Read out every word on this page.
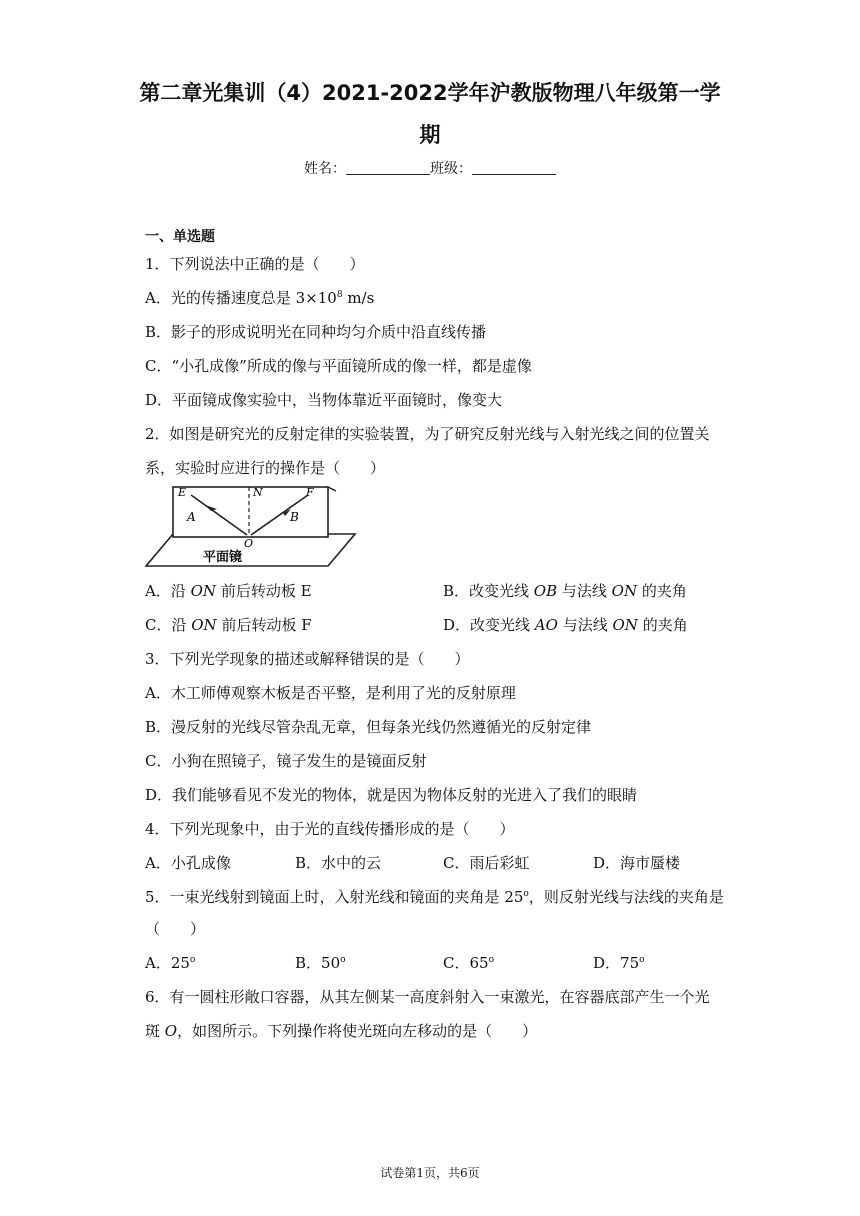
第二章光集训（4）2021-2022学年沪教版物理八年级第一学
期
姓名：	班级：
一、单选题
1．下列说法中正确的是（　　）
A．光的传播速度总是 $3\times 10^8$ m/s
B．影子的形成说明光在同种均匀介质中沿直线传播
C．“小孔成像”所成的像与平面镜所成的像一样，都是虚像
D．平面镜成像实验中，当物体靠近平面镜时，像变大
2．如图是研究光的反射定律的实验装置，为了研究反射光线与入射光线之间的位置关
系，实验时应进行的操作是（　　）
E	N	F
A	B
O
平面镜
A．沿 ON 前后转动板 E	B．改变光线 OB 与法线 ON 的夹角
C．沿 ON 前后转动板 F	D．改变光线 AO 与法线 ON 的夹角
3．下列光学现象的描述或解释错误的是（　　）
A．木工师傅观察木板是否平整，是利用了光的反射原理
B．漫反射的光线尽管杂乱无章，但每条光线仍然遵循光的反射定律
C．小狗在照镜子，镜子发生的是镜面反射
D．我们能够看见不发光的物体，就是因为物体反射的光进入了我们的眼睛
4．下列光现象中，由于光的直线传播形成的是（　　）
A．小孔成像	B．水中的云	C．雨后彩虹	D．海市蜃楼
5．一束光线射到镜面上时，入射光线和镜面的夹角是 25$^o$，则反射光线与法线的夹角是
（　　）
A．25$^o$	B．50$^o$	C．65$^o$	D．75$^o$
6．有一圆柱形敞口容器，从其左侧某一高度斜射入一束激光，在容器底部产生一个光
斑 O，如图所示。下列操作将使光斑向左移动的是（　　）
试卷第1页，共6页
